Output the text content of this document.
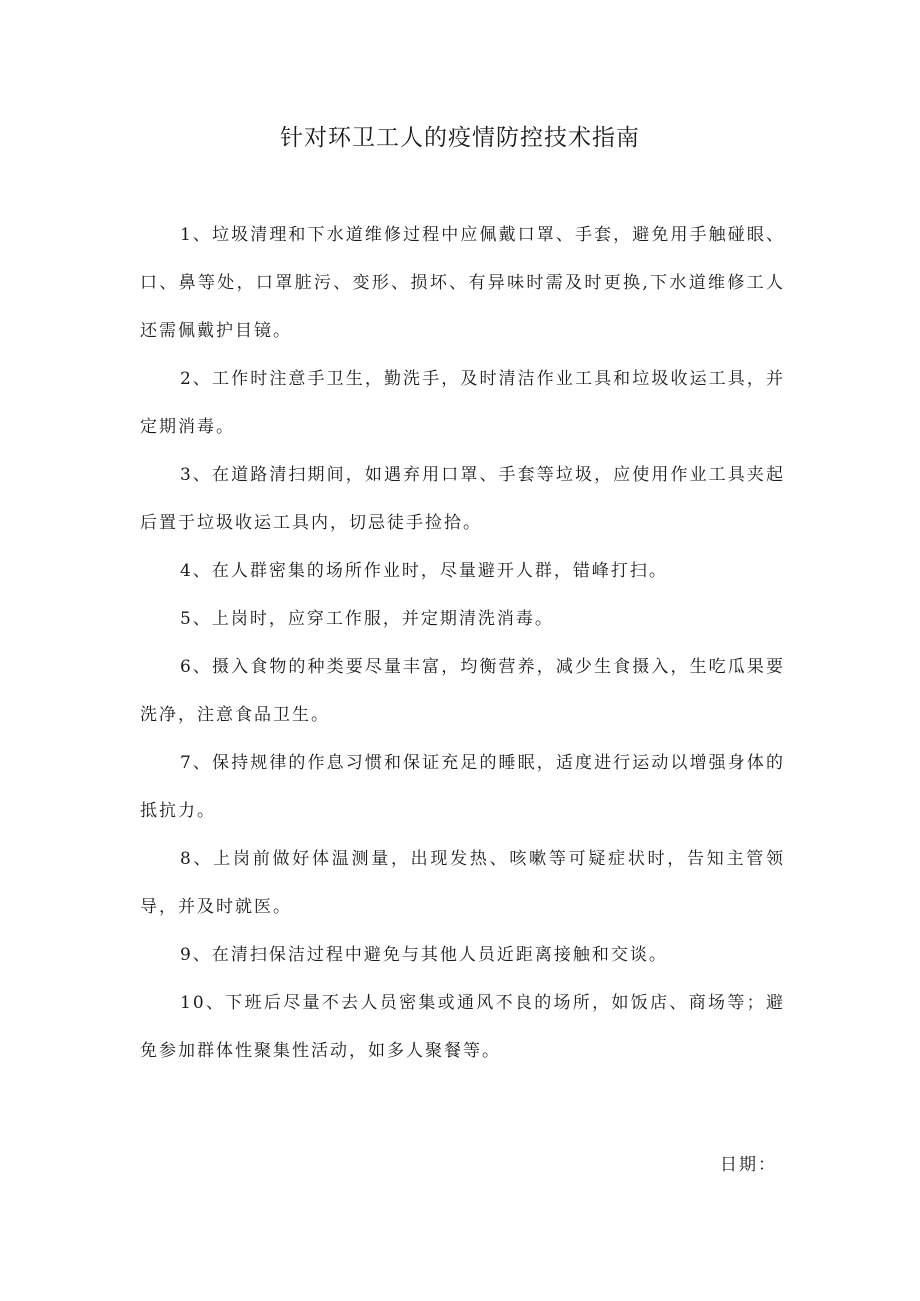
针对环卫工人的疫情防控技术指南

1、垃圾清理和下水道维修过程中应佩戴口罩、手套，避免用手触碰眼、口、鼻等处，口罩脏污、变形、损坏、有异味时需及时更换,下水道维修工人还需佩戴护目镜。

2、工作时注意手卫生，勤洗手，及时清洁作业工具和垃圾收运工具，并定期消毒。

3、在道路清扫期间，如遇弃用口罩、手套等垃圾，应使用作业工具夹起后置于垃圾收运工具内，切忌徒手捡拾。

4、在人群密集的场所作业时，尽量避开人群，错峰打扫。

5、上岗时，应穿工作服，并定期清洗消毒。

6、摄入食物的种类要尽量丰富，均衡营养，减少生食摄入，生吃瓜果要洗净，注意食品卫生。

7、保持规律的作息习惯和保证充足的睡眠，适度进行运动以增强身体的抵抗力。

8、上岗前做好体温测量，出现发热、咳嗽等可疑症状时，告知主管领导，并及时就医。

9、在清扫保洁过程中避免与其他人员近距离接触和交谈。

10、下班后尽量不去人员密集或通风不良的场所，如饭店、商场等；避免参加群体性聚集性活动，如多人聚餐等。

日期：
